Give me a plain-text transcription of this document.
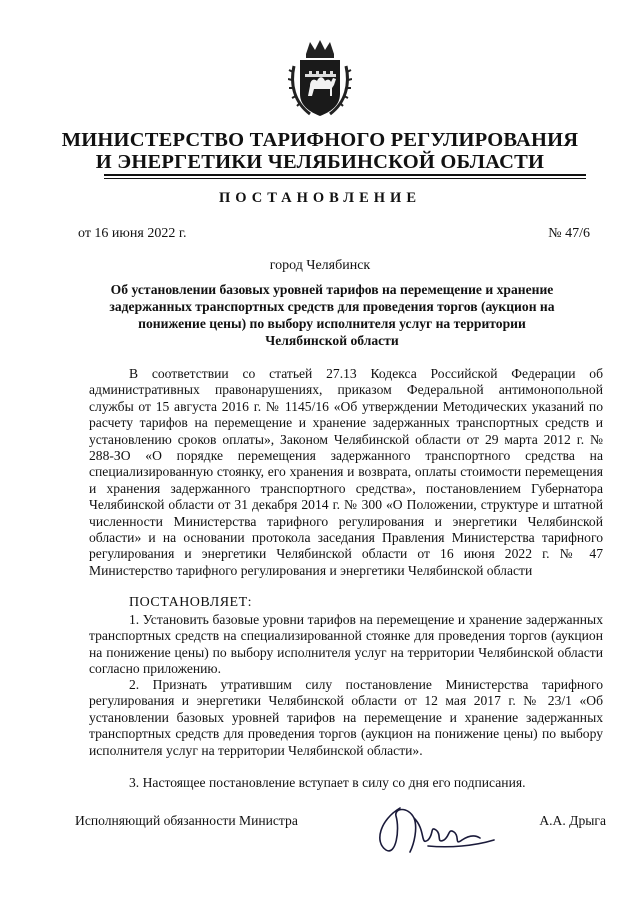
МИНИСТЕРСТВО ТАРИФНОГО РЕГУЛИРОВАНИЯ
И ЭНЕРГЕТИКИ ЧЕЛЯБИНСКОЙ ОБЛАСТИ
ПОСТАНОВЛЕНИЕ
от 16 июня 2022 г.	№ 47/6
город Челябинск
Об установлении базовых уровней тарифов на перемещение и хранение задержанных транспортных средств для проведения торгов (аукцион на понижение цены) по выбору исполнителя услуг на территории Челябинской области

В соответствии со статьей 27.13 Кодекса Российской Федерации об административных правонарушениях, приказом Федеральной антимонопольной службы от 15 августа 2016 г. № 1145/16 «Об утверждении Методических указаний по расчету тарифов на перемещение и хранение задержанных транспортных средств и установлению сроков оплаты», Законом Челябинской области от 29 марта 2012 г. № 288-ЗО «О порядке перемещения задержанного транспортного средства на специализированную стоянку, его хранения и возврата, оплаты стоимости перемещения и хранения задержанного транспортного средства», постановлением Губернатора Челябинской области от 31 декабря 2014 г. № 300 «О Положении, структуре и штатной численности Министерства тарифного регулирования и энергетики Челябинской области» и на основании протокола заседания Правления Министерства тарифного регулирования и энергетики Челябинской области от 16 июня 2022 г. № 47 Министерство тарифного регулирования и энергетики Челябинской области

ПОСТАНОВЛЯЕТ:

1. Установить базовые уровни тарифов на перемещение и хранение задержанных транспортных средств на специализированной стоянке для проведения торгов (аукцион на понижение цены) по выбору исполнителя услуг на территории Челябинской области согласно приложению.

2. Признать утратившим силу постановление Министерства тарифного регулирования и энергетики Челябинской области от 12 мая 2017 г. № 23/1 «Об установлении базовых уровней тарифов на перемещение и хранение задержанных транспортных средств для проведения торгов (аукцион на понижение цены) по выбору исполнителя услуг на территории Челябинской области».

3. Настоящее постановление вступает в силу со дня его подписания.

Исполняющий обязанности Министра	А.А. Дрыга
